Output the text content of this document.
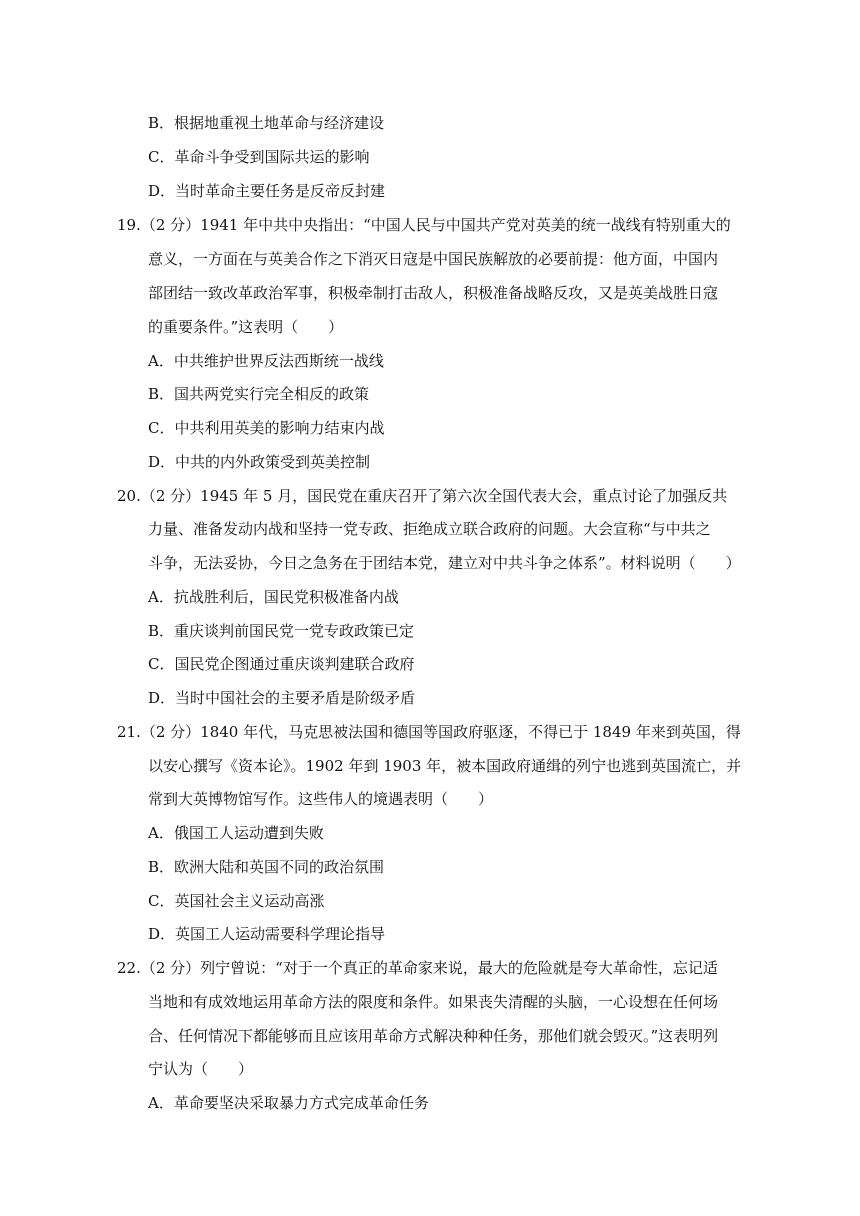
B．根据地重视土地革命与经济建设
C．革命斗争受到国际共运的影响
D．当时革命主要任务是反帝反封建
19.（2 分）1941 年中共中央指出：“中国人民与中国共产党对英美的统一战线有特别重大的
意义，一方面在与英美合作之下消灭日寇是中国民族解放的必要前提：他方面，中国内
部团结一致改革政治军事，积极牵制打击敌人，积极准备战略反攻，又是英美战胜日寇
的重要条件。”这表明（　　）
A．中共维护世界反法西斯统一战线
B．国共两党实行完全相反的政策
C．中共利用英美的影响力结束内战
D．中共的内外政策受到英美控制
20.（2 分）1945 年 5 月，国民党在重庆召开了第六次全国代表大会，重点讨论了加强反共
力量、准备发动内战和坚持一党专政、拒绝成立联合政府的问题。大会宣称“与中共之
斗争，无法妥协，今日之急务在于团结本党，建立对中共斗争之体系”。材料说明（　　）
A．抗战胜利后，国民党积极准备内战
B．重庆谈判前国民党一党专政政策已定
C．国民党企图通过重庆谈判建联合政府
D．当时中国社会的主要矛盾是阶级矛盾
21.（2 分）1840 年代，马克思被法国和德国等国政府驱逐，不得已于 1849 年来到英国，得
以安心撰写《资本论》。1902 年到 1903 年，被本国政府通缉的列宁也逃到英国流亡，并
常到大英博物馆写作。这些伟人的境遇表明（　　）
A．俄国工人运动遭到失败
B．欧洲大陆和英国不同的政治氛围
C．英国社会主义运动高涨
D．英国工人运动需要科学理论指导
22.（2 分）列宁曾说：“对于一个真正的革命家来说，最大的危险就是夸大革命性，忘记适
当地和有成效地运用革命方法的限度和条件。如果丧失清醒的头脑，一心设想在任何场
合、任何情况下都能够而且应该用革命方式解决种种任务，那他们就会毁灭。”这表明列
宁认为（　　）
A．革命要坚决采取暴力方式完成革命任务
